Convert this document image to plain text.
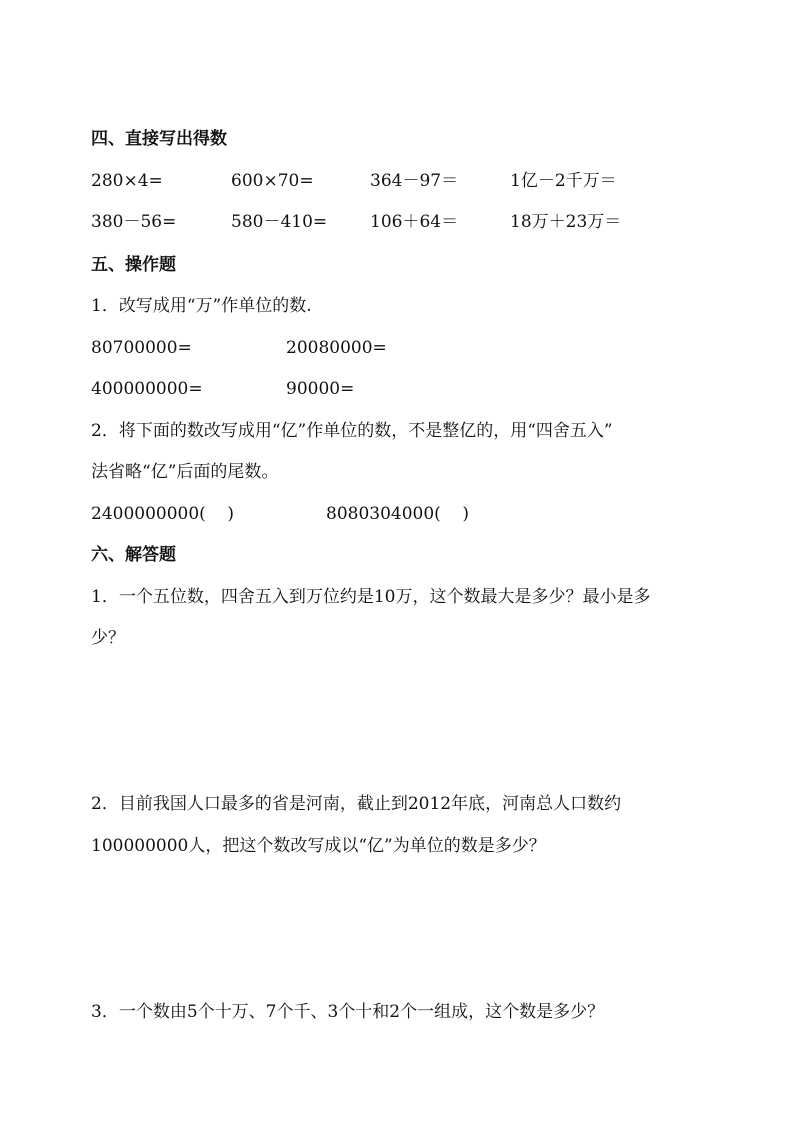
四、直接写出得数
280×4=	600×70=	364－97＝	1亿－2千万＝
380－56=	580－410=	106＋64＝	18万＋23万＝
五、操作题
1．改写成用“万”作单位的数.
80700000=	20080000=
400000000=	90000=
2．将下面的数改写成用“亿”作单位的数，不是整亿的，用“四舍五入”
法省略“亿”后面的尾数。
2400000000(    )	8080304000(    )
六、解答题
1．一个五位数，四舍五入到万位约是10万，这个数最大是多少？最小是多
少？
2．目前我国人口最多的省是河南，截止到2012年底，河南总人口数约
100000000人，把这个数改写成以“亿”为单位的数是多少？
3．一个数由5个十万、7个千、3个十和2个一组成，这个数是多少？
